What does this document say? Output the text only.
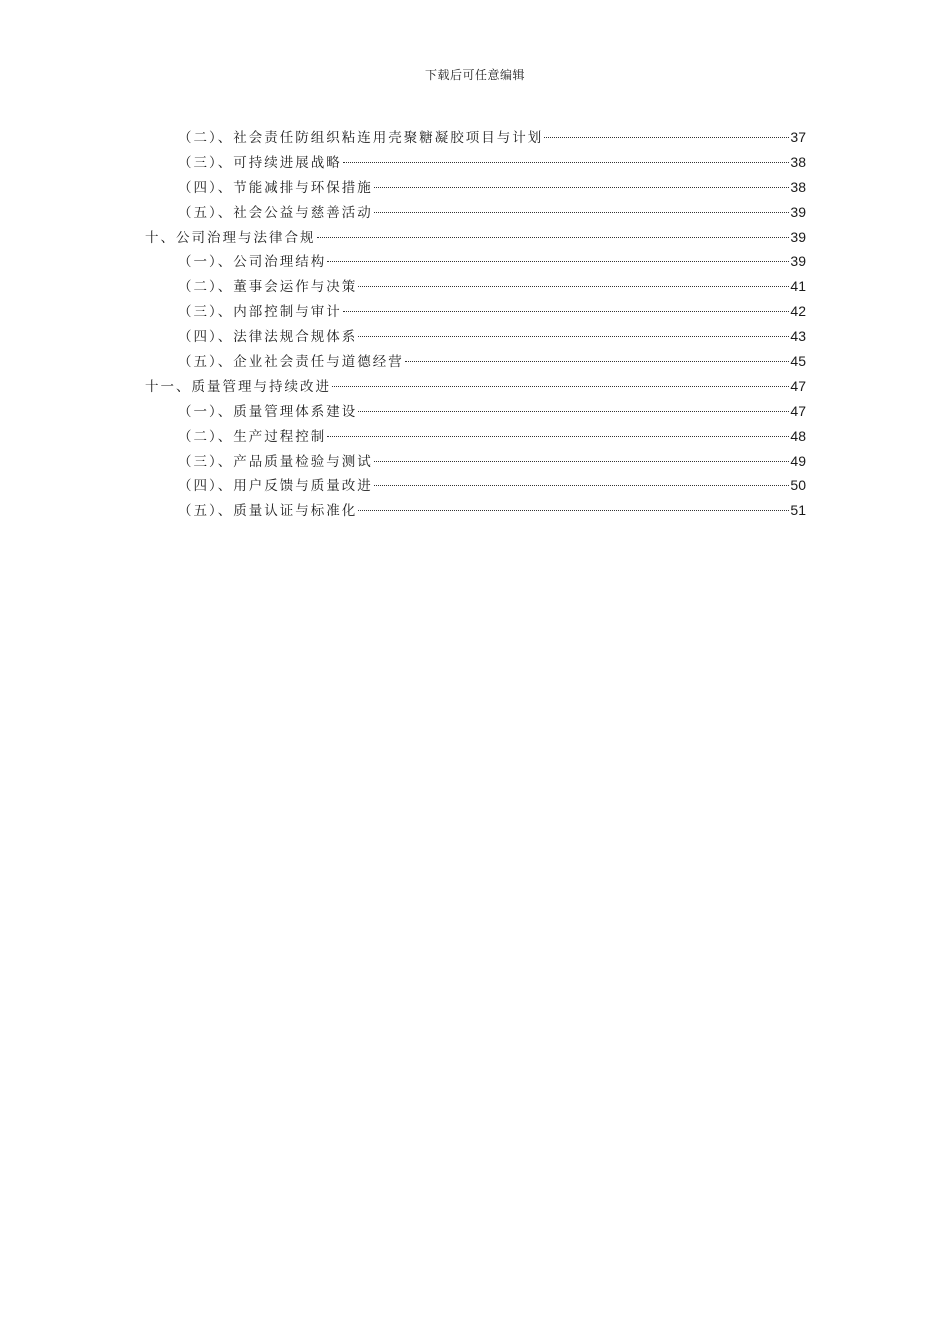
下载后可任意编辑
（二）、社会责任防组织粘连用壳聚糖凝胶项目与计划	37
（三）、可持续进展战略	38
（四）、节能减排与环保措施	38
（五）、社会公益与慈善活动	39
十、公司治理与法律合规	39
（一）、公司治理结构	39
（二）、董事会运作与决策	41
（三）、内部控制与审计	42
（四）、法律法规合规体系	43
（五）、企业社会责任与道德经营	45
十一、质量管理与持续改进	47
（一）、质量管理体系建设	47
（二）、生产过程控制	48
（三）、产品质量检验与测试	49
（四）、用户反馈与质量改进	50
（五）、质量认证与标准化	51
